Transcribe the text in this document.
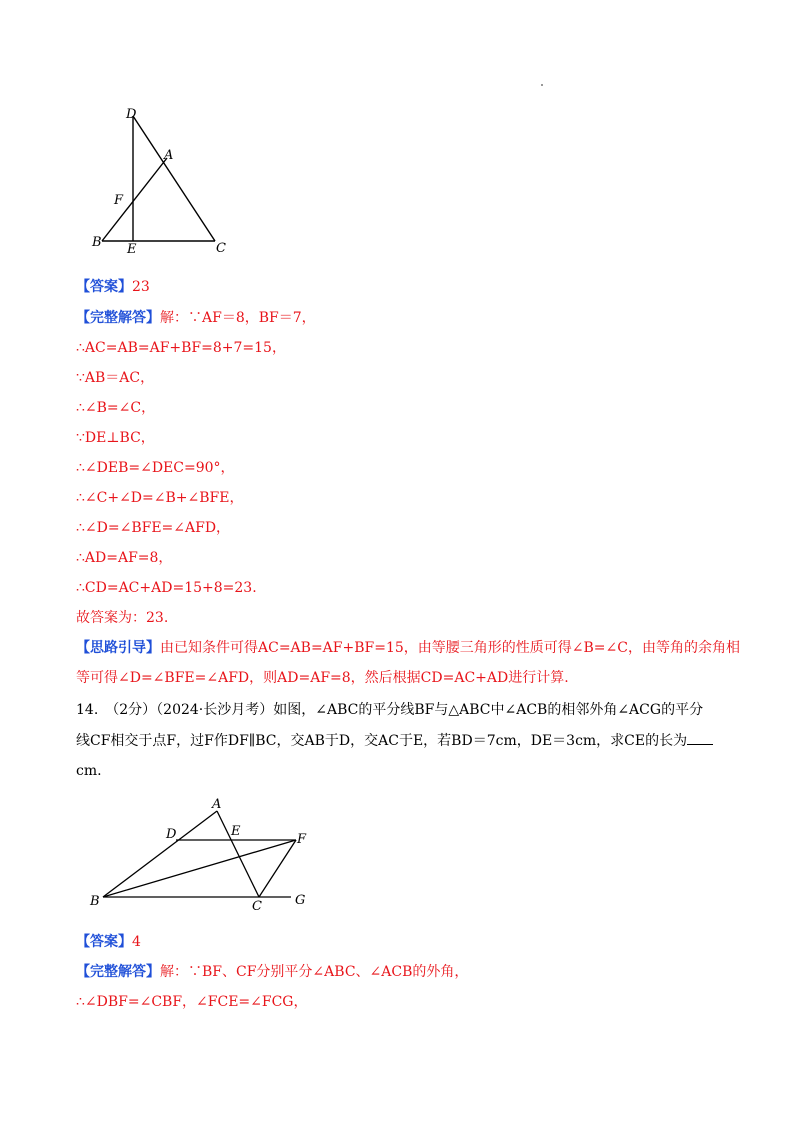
D
A
F
B E	C
【答案】23
【完整解答】解：∵AF＝8，BF＝7，
∴AC=AB=AF+BF=8+7=15，
∵AB＝AC，
∴∠B=∠C，
∵DE⊥BC，
∴∠DEB=∠DEC=90°，
∴∠C+∠D=∠B+∠BFE，
∴∠D=∠BFE=∠AFD，
∴AD=AF=8，
∴CD=AC+AD=15+8=23.
故答案为：23.
【思路引导】由已知条件可得AC=AB=AF+BF=15，由等腰三角形的性质可得∠B=∠C，由等角的余角相
等可得∠D=∠BFE=∠AFD，则AD=AF=8，然后根据CD=AC+AD进行计算.
14.　（2分）（2024·长沙月考）如图，∠ABC的平分线BF与△ABC中∠ACB的相邻外角∠ACG的平分
线CF相交于点F，过F作DF∥BC，交AB于D，交AC于E，若BD＝7cm，DE＝3cm，求CE的长为
cm.
A
D	E
F
B	C	G
【答案】4
【完整解答】解：∵BF、CF分别平分∠ABC、∠ACB的外角，
∴∠DBF=∠CBF，∠FCE=∠FCG，
